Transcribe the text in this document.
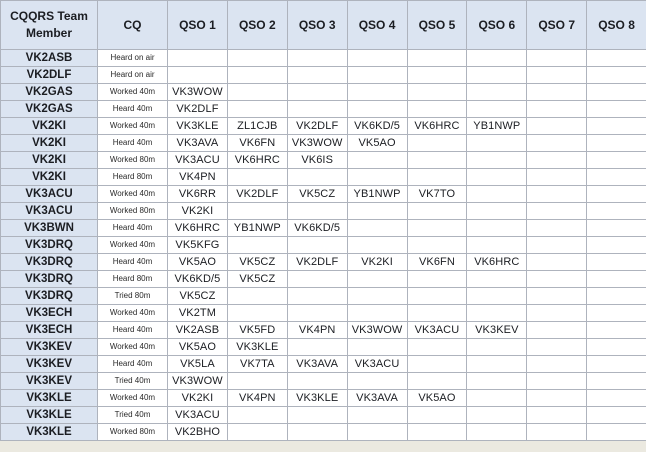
CQQRS Team Member	CQ	QSO 1	QSO 2	QSO 3	QSO 4	QSO 5	QSO 6	QSO 7	QSO 8
VK2ASB	Heard on air								
VK2DLF	Heard on air								
VK2GAS	Worked 40m	VK3WOW							
VK2GAS	Heard 40m	VK2DLF							
VK2KI	Worked 40m	VK3KLE	ZL1CJB	VK2DLF	VK6KD/5	VK6HRC	YB1NWP		
VK2KI	Heard 40m	VK3AVA	VK6FN	VK3WOW	VK5AO				
VK2KI	Worked 80m	VK3ACU	VK6HRC	VK6IS					
VK2KI	Heard 80m	VK4PN							
VK3ACU	Worked 40m	VK6RR	VK2DLF	VK5CZ	YB1NWP	VK7TO			
VK3ACU	Worked 80m	VK2KI							
VK3BWN	Heard 40m	VK6HRC	YB1NWP	VK6KD/5					
VK3DRQ	Worked 40m	VK5KFG							
VK3DRQ	Heard 40m	VK5AO	VK5CZ	VK2DLF	VK2KI	VK6FN	VK6HRC		
VK3DRQ	Heard 80m	VK6KD/5	VK5CZ						
VK3DRQ	Tried 80m	VK5CZ							
VK3ECH	Worked 40m	VK2TM							
VK3ECH	Heard 40m	VK2ASB	VK5FD	VK4PN	VK3WOW	VK3ACU	VK3KEV		
VK3KEV	Worked 40m	VK5AO	VK3KLE						
VK3KEV	Heard 40m	VK5LA	VK7TA	VK3AVA	VK3ACU				
VK3KEV	Tried 40m	VK3WOW							
VK3KLE	Worked 40m	VK2KI	VK4PN	VK3KLE	VK3AVA	VK5AO			
VK3KLE	Tried 40m	VK3ACU							
VK3KLE	Worked 80m	VK2BHO							
